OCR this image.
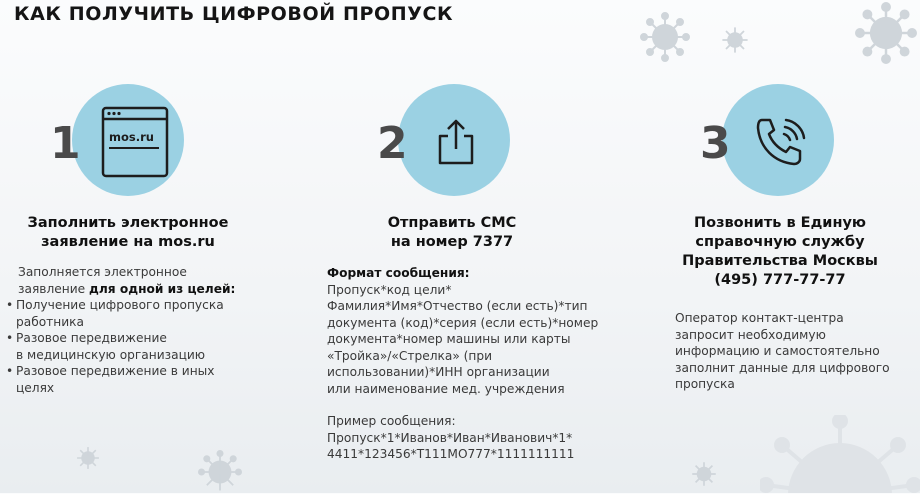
КАК ПОЛУЧИТЬ ЦИФРОВОЙ ПРОПУСК
1 mos.ru
Заполнить электронное
заявление на mos.ru

Заполняется электронное

заявление для одной из целей:

• Получение цифрового пропуска
работника
• Разовое передвижение
в медицинскую организацию
• Разовое передвижение в иных
целях
2
Отправить СМС
на номер 7377

Формат сообщения:

Пропуск*код цели*

Фамилия*Имя*Отчество (если есть)*тип

документа (код)*серия (если есть)*номер

документа*номер машины или карты

«Тройка»/«Стрелка» (при

использовании)*ИНН организации

или наименование мед. учреждения

Пример сообщения:

Пропуск*1*Иванов*Иван*Иванович*1*

4411*123456*Т111МО777*1111111111

3
Позвонить в Единую
справочную службу
Правительства Москвы
(495) 777-77-77

Оператор контакт-центра

запросит необходимую

информацию и самостоятельно

заполнит данные для цифрового

пропуска
